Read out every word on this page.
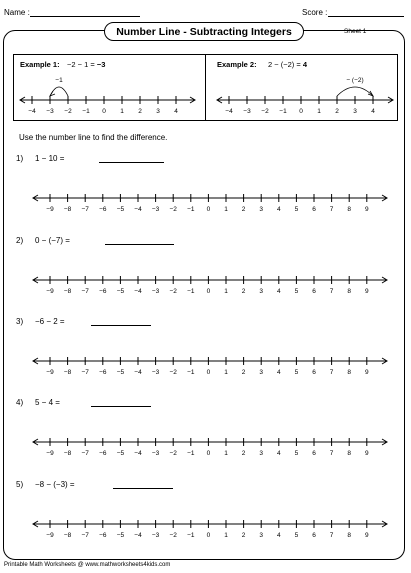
Name :	Score :
Number Line - Subtracting Integers	Sheet 1
Example 1: −2 − 1 = −3	Example 2: 2 − (−2) = 4
−4 −3 −2 −1 0 1 2 3 4
−1
−4 −3 −2 −1 0 1 2 3 4
− (−2)
Use the number line to find the difference.
1) 1 − 10 =
2) 0 − (−7) =
3) −6 − 2 =
4) 5 − 4 =
5) −8 − (−3) =
−9 −8 −7 −6 −5 −4 −3 −2 −1 0 1 2 3 4 5 6 7 8 9
−9 −8 −7 −6 −5 −4 −3 −2 −1 0 1 2 3 4 5 6 7 8 9
−9 −8 −7 −6 −5 −4 −3 −2 −1 0 1 2 3 4 5 6 7 8 9
−9 −8 −7 −6 −5 −4 −3 −2 −1 0 1 2 3 4 5 6 7 8 9
−9 −8 −7 −6 −5 −4 −3 −2 −1 0 1 2 3 4 5 6 7 8 9
Printable Math Worksheets @ www.mathworksheets4kids.com
